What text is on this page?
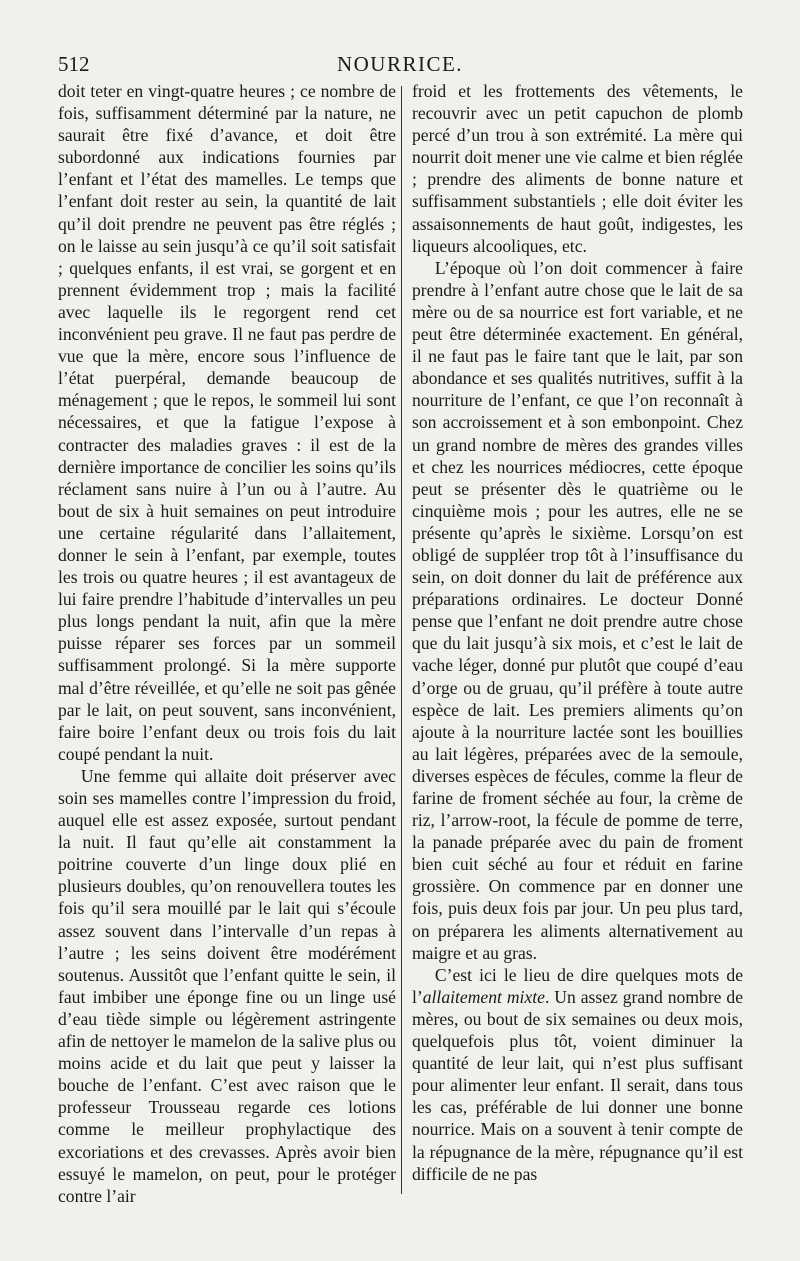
512	NOURRICE.

doit teter en vingt-quatre heures ; ce nombre de fois, suffisamment déterminé par la nature, ne saurait être fixé d’avance, et doit être subordonné aux indications fournies par l’enfant et l’état des mamelles. Le temps que l’enfant doit rester au sein, la quantité de lait qu’il doit prendre ne peuvent pas être réglés ; on le laisse au sein jusqu’à ce qu’il soit satisfait ; quelques enfants, il est vrai, se gorgent et en prennent évidemment trop ; mais la facilité avec laquelle ils le regorgent rend cet inconvénient peu grave. Il ne faut pas perdre de vue que la mère, encore sous l’influence de l’état puerpéral, demande beaucoup de ménagement ; que le repos, le sommeil lui sont nécessaires, et que la fatigue l’expose à contracter des maladies graves : il est de la dernière importance de concilier les soins qu’ils réclament sans nuire à l’un ou à l’autre. Au bout de six à huit semaines on peut introduire une certaine régularité dans l’allaitement, donner le sein à l’enfant, par exemple, toutes les trois ou quatre heures ; il est avantageux de lui faire prendre l’habitude d’intervalles un peu plus longs pendant la nuit, afin que la mère puisse réparer ses forces par un sommeil suffisamment prolongé. Si la mère supporte mal d’être réveillée, et qu’elle ne soit pas gênée par le lait, on peut souvent, sans inconvénient, faire boire l’enfant deux ou trois fois du lait coupé pendant la nuit.

Une femme qui allaite doit préserver avec soin ses mamelles contre l’impression du froid, auquel elle est assez exposée, surtout pendant la nuit. Il faut qu’elle ait constamment la poitrine couverte d’un linge doux plié en plusieurs doubles, qu’on renouvellera toutes les fois qu’il sera mouillé par le lait qui s’écoule assez souvent dans l’intervalle d’un repas à l’autre ; les seins doivent être modérément soutenus. Aussitôt que l’enfant quitte le sein, il faut imbiber une éponge fine ou un linge usé d’eau tiède simple ou légèrement astringente afin de nettoyer le mamelon de la salive plus ou moins acide et du lait que peut y laisser la bouche de l’enfant. C’est avec raison que le professeur Trousseau regarde ces lotions comme le meilleur prophylactique des excoriations et des crevasses. Après avoir bien essuyé le mamelon, on peut, pour le protéger contre l’air

froid et les frottements des vêtements, le recouvrir avec un petit capuchon de plomb percé d’un trou à son extrémité. La mère qui nourrit doit mener une vie calme et bien réglée ; prendre des aliments de bonne nature et suffisamment substantiels ; elle doit éviter les assaisonnements de haut goût, indigestes, les liqueurs alcooliques, etc.

L’époque où l’on doit commencer à faire prendre à l’enfant autre chose que le lait de sa mère ou de sa nourrice est fort variable, et ne peut être déterminée exactement. En général, il ne faut pas le faire tant que le lait, par son abondance et ses qualités nutritives, suffit à la nourriture de l’enfant, ce que l’on reconnaît à son accroissement et à son embonpoint. Chez un grand nombre de mères des grandes villes et chez les nourrices médiocres, cette époque peut se présenter dès le quatrième ou le cinquième mois ; pour les autres, elle ne se présente qu’après le sixième. Lorsqu’on est obligé de suppléer trop tôt à l’insuffisance du sein, on doit donner du lait de préférence aux préparations ordinaires. Le docteur Donné pense que l’enfant ne doit prendre autre chose que du lait jusqu’à six mois, et c’est le lait de vache léger, donné pur plutôt que coupé d’eau d’orge ou de gruau, qu’il préfère à toute autre espèce de lait. Les premiers aliments qu’on ajoute à la nourriture lactée sont les bouillies au lait légères, préparées avec de la semoule, diverses espèces de fécules, comme la fleur de farine de froment séchée au four, la crème de riz, l’arrow-root, la fécule de pomme de terre, la panade préparée avec du pain de froment bien cuit séché au four et réduit en farine grossière. On commence par en donner une fois, puis deux fois par jour. Un peu plus tard, on préparera les aliments alternativement au maigre et au gras.

C’est ici le lieu de dire quelques mots de l’allaitement mixte. Un assez grand nombre de mères, ou bout de six semaines ou deux mois, quelquefois plus tôt, voient diminuer la quantité de leur lait, qui n’est plus suffisant pour alimenter leur enfant. Il serait, dans tous les cas, préférable de lui donner une bonne nourrice. Mais on a souvent à tenir compte de la répugnance de la mère, répugnance qu’il est difficile de ne pas
